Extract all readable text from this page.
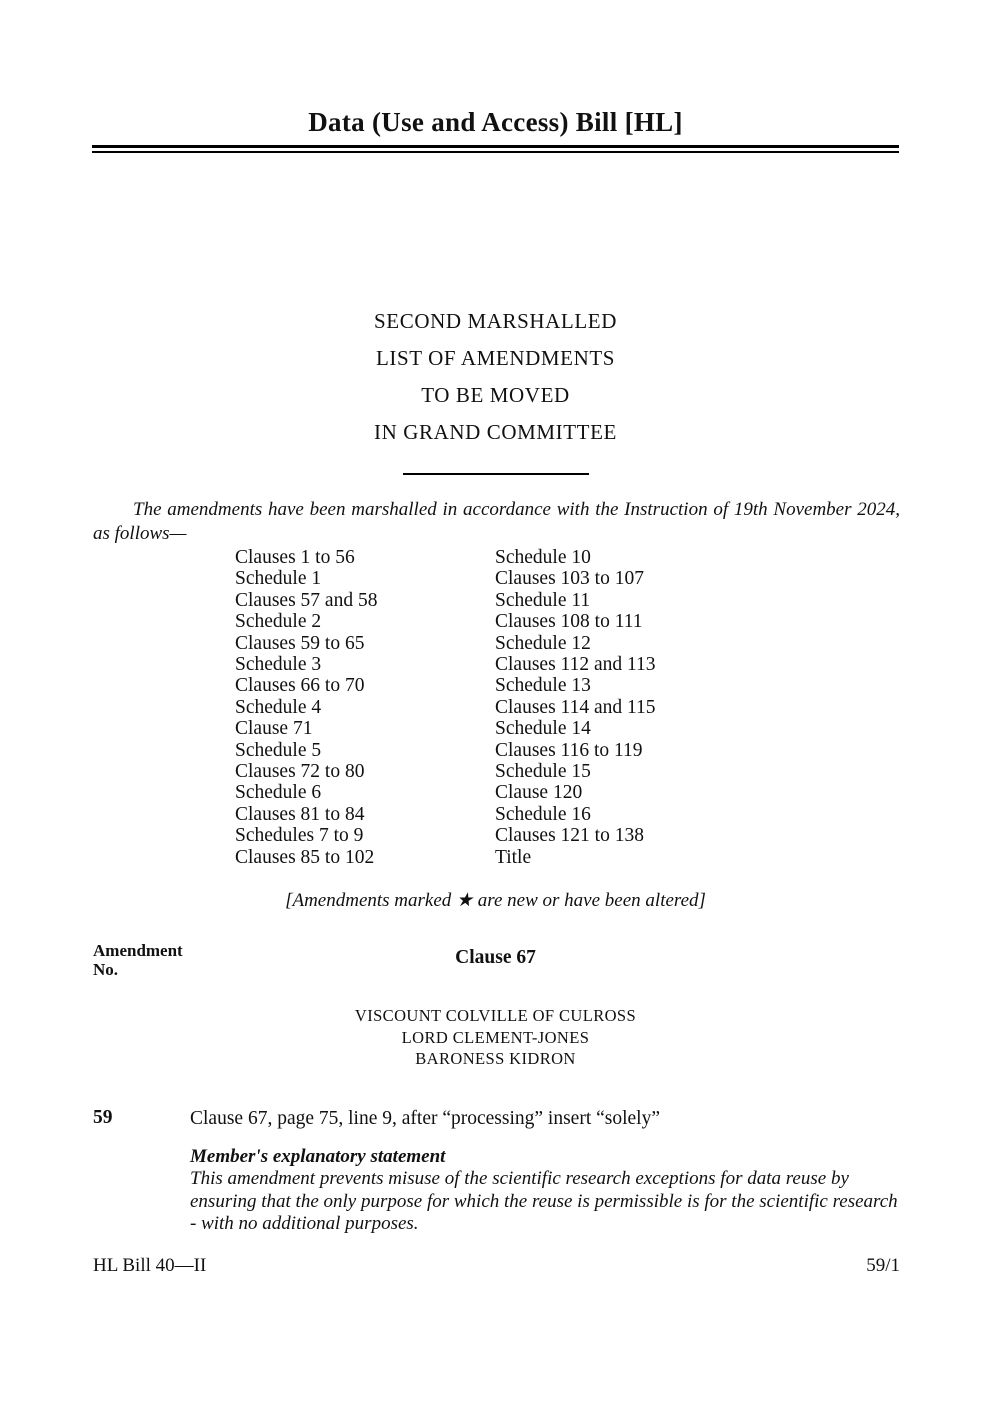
Data (Use and Access) Bill [HL]
SECOND MARSHALLED
LIST OF AMENDMENTS
TO BE MOVED
IN GRAND COMMITTEE

The amendments have been marshalled in accordance with the Instruction of 19th November 2024, as follows—

Clauses 1 to 56
Schedule 1
Clauses 57 and 58
Schedule 2
Clauses 59 to 65
Schedule 3
Clauses 66 to 70
Schedule 4
Clause 71
Schedule 5
Clauses 72 to 80
Schedule 6
Clauses 81 to 84
Schedules 7 to 9
Clauses 85 to 102
Schedule 10
Clauses 103 to 107
Schedule 11
Clauses 108 to 111
Schedule 12
Clauses 112 and 113
Schedule 13
Clauses 114 and 115
Schedule 14
Clauses 116 to 119
Schedule 15
Clause 120
Schedule 16
Clauses 121 to 138
Title
[Amendments marked ★ are new or have been altered]
Amendment
No.
Clause 67
VISCOUNT COLVILLE OF CULROSS
LORD CLEMENT-JONES
BARONESS KIDRON
59	Clause 67, page 75, line 9, after “processing” insert “solely”
Member's explanatory statement
This amendment prevents misuse of the scientific research exceptions for data reuse by ensuring that the only purpose for which the reuse is permissible is for the scientific research - with no additional purposes.
HL Bill 40—II	59/1
